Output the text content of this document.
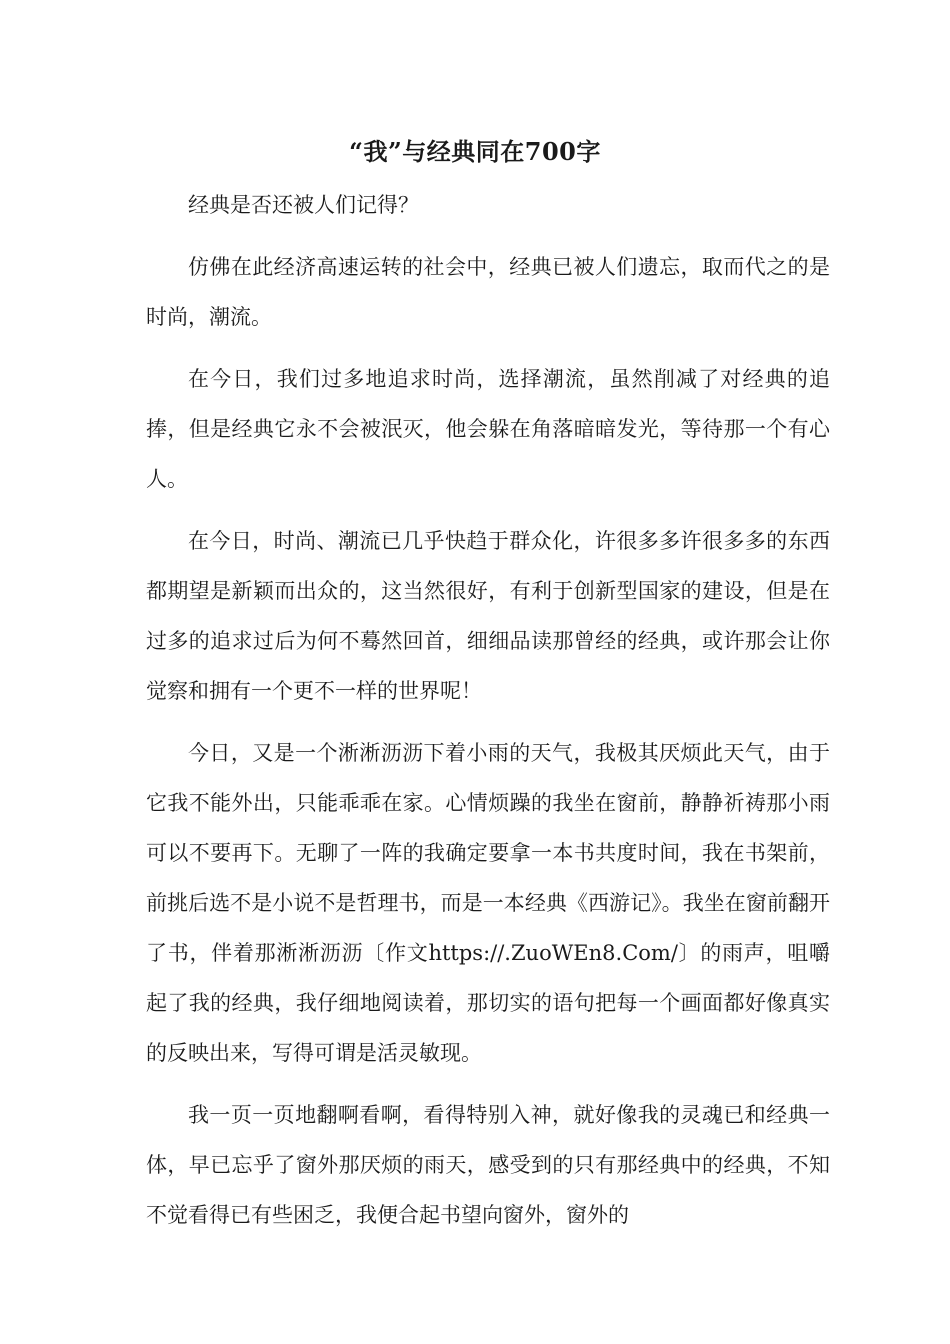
“我”与经典同在700字

经典是否还被人们记得？

仿佛在此经济高速运转的社会中，经典已被人们遗忘，取而代之的是时尚，潮流。

在今日，我们过多地追求时尚，选择潮流，虽然削减了对经典的追捧，但是经典它永不会被泯灭，他会躲在角落暗暗发光，等待那一个有心人。

在今日，时尚、潮流已几乎快趋于群众化，许很多多许很多多的东西都期望是新颖而出众的，这当然很好，有利于创新型国家的建设，但是在过多的追求过后为何不蓦然回首，细细品读那曾经的经典，或许那会让你觉察和拥有一个更不一样的世界呢！

今日，又是一个淅淅沥沥下着小雨的天气，我极其厌烦此天气，由于它我不能外出，只能乖乖在家。心情烦躁的我坐在窗前，静静祈祷那小雨可以不要再下。无聊了一阵的我确定要拿一本书共度时间，我在书架前，前挑后选不是小说不是哲理书，而是一本经典《西游记》。我坐在窗前翻开了书，伴着那淅淅沥沥〔作文https://.ZuoWEn8.Com/〕的雨声，咀嚼起了我的经典，我仔细地阅读着，那切实的语句把每一个画面都好像真实的反映出来，写得可谓是活灵敏现。

我一页一页地翻啊看啊，看得特别入神，就好像我的灵魂已和经典一体，早已忘乎了窗外那厌烦的雨天，感受到的只有那经典中的经典，不知不觉看得已有些困乏，我便合起书望向窗外，窗外的
